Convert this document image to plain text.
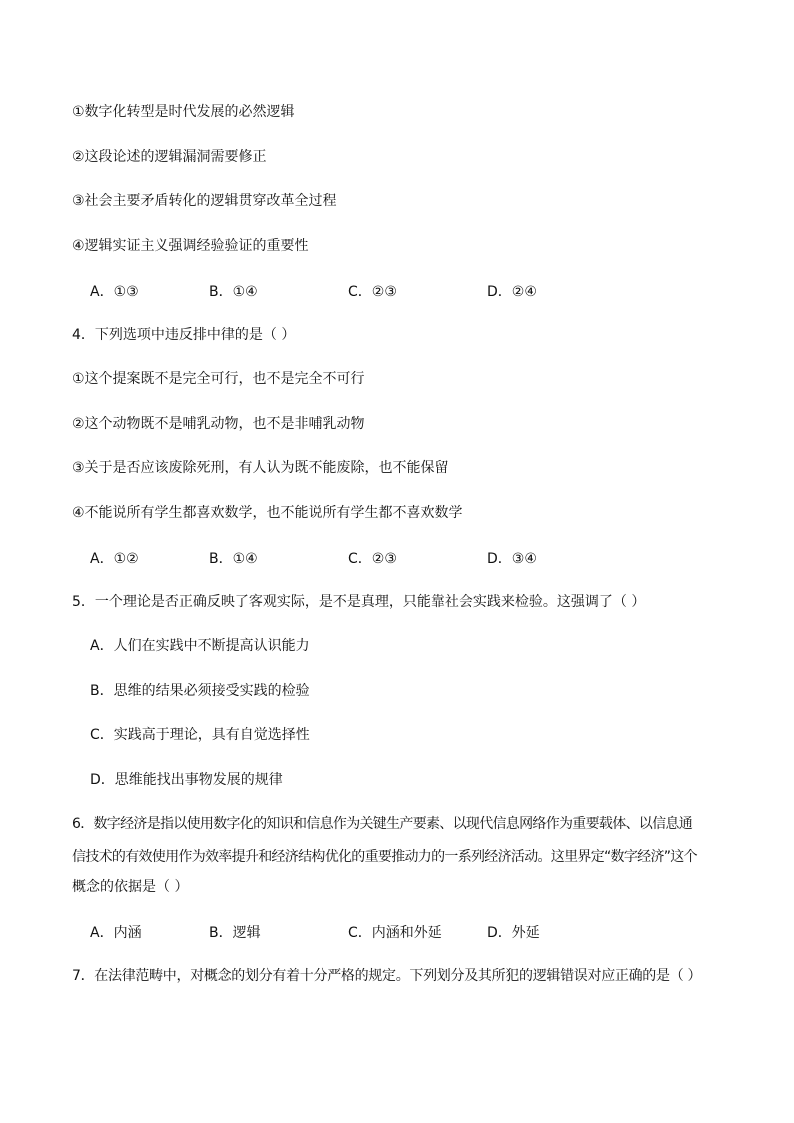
①数字化转型是时代发展的必然逻辑
②这段论述的逻辑漏洞需要修正
③社会主要矛盾转化的逻辑贯穿改革全过程
④逻辑实证主义强调经验验证的重要性
A．①③	B．①④	C．②③	D．②④
4．下列选项中违反排中律的是（ ）
①这个提案既不是完全可行，也不是完全不可行
②这个动物既不是哺乳动物，也不是非哺乳动物
③关于是否应该废除死刑，有人认为既不能废除，也不能保留
④不能说所有学生都喜欢数学，也不能说所有学生都不喜欢数学
A．①②	B．①④	C．②③	D．③④
5．一个理论是否正确反映了客观实际，是不是真理，只能靠社会实践来检验。这强调了（ ）
A．人们在实践中不断提高认识能力
B．思维的结果必须接受实践的检验
C．实践高于理论，具有自觉选择性
D．思维能找出事物发展的规律
6．数字经济是指以使用数字化的知识和信息作为关键生产要素、以现代信息网络作为重要载体、以信息通
信技术的有效使用作为效率提升和经济结构优化的重要推动力的一系列经济活动。这里界定“数字经济”这个
概念的依据是（ ）
A．内涵	B．逻辑	C．内涵和外延	D．外延
7．在法律范畴中，对概念的划分有着十分严格的规定。下列划分及其所犯的逻辑错误对应正确的是（ ）
